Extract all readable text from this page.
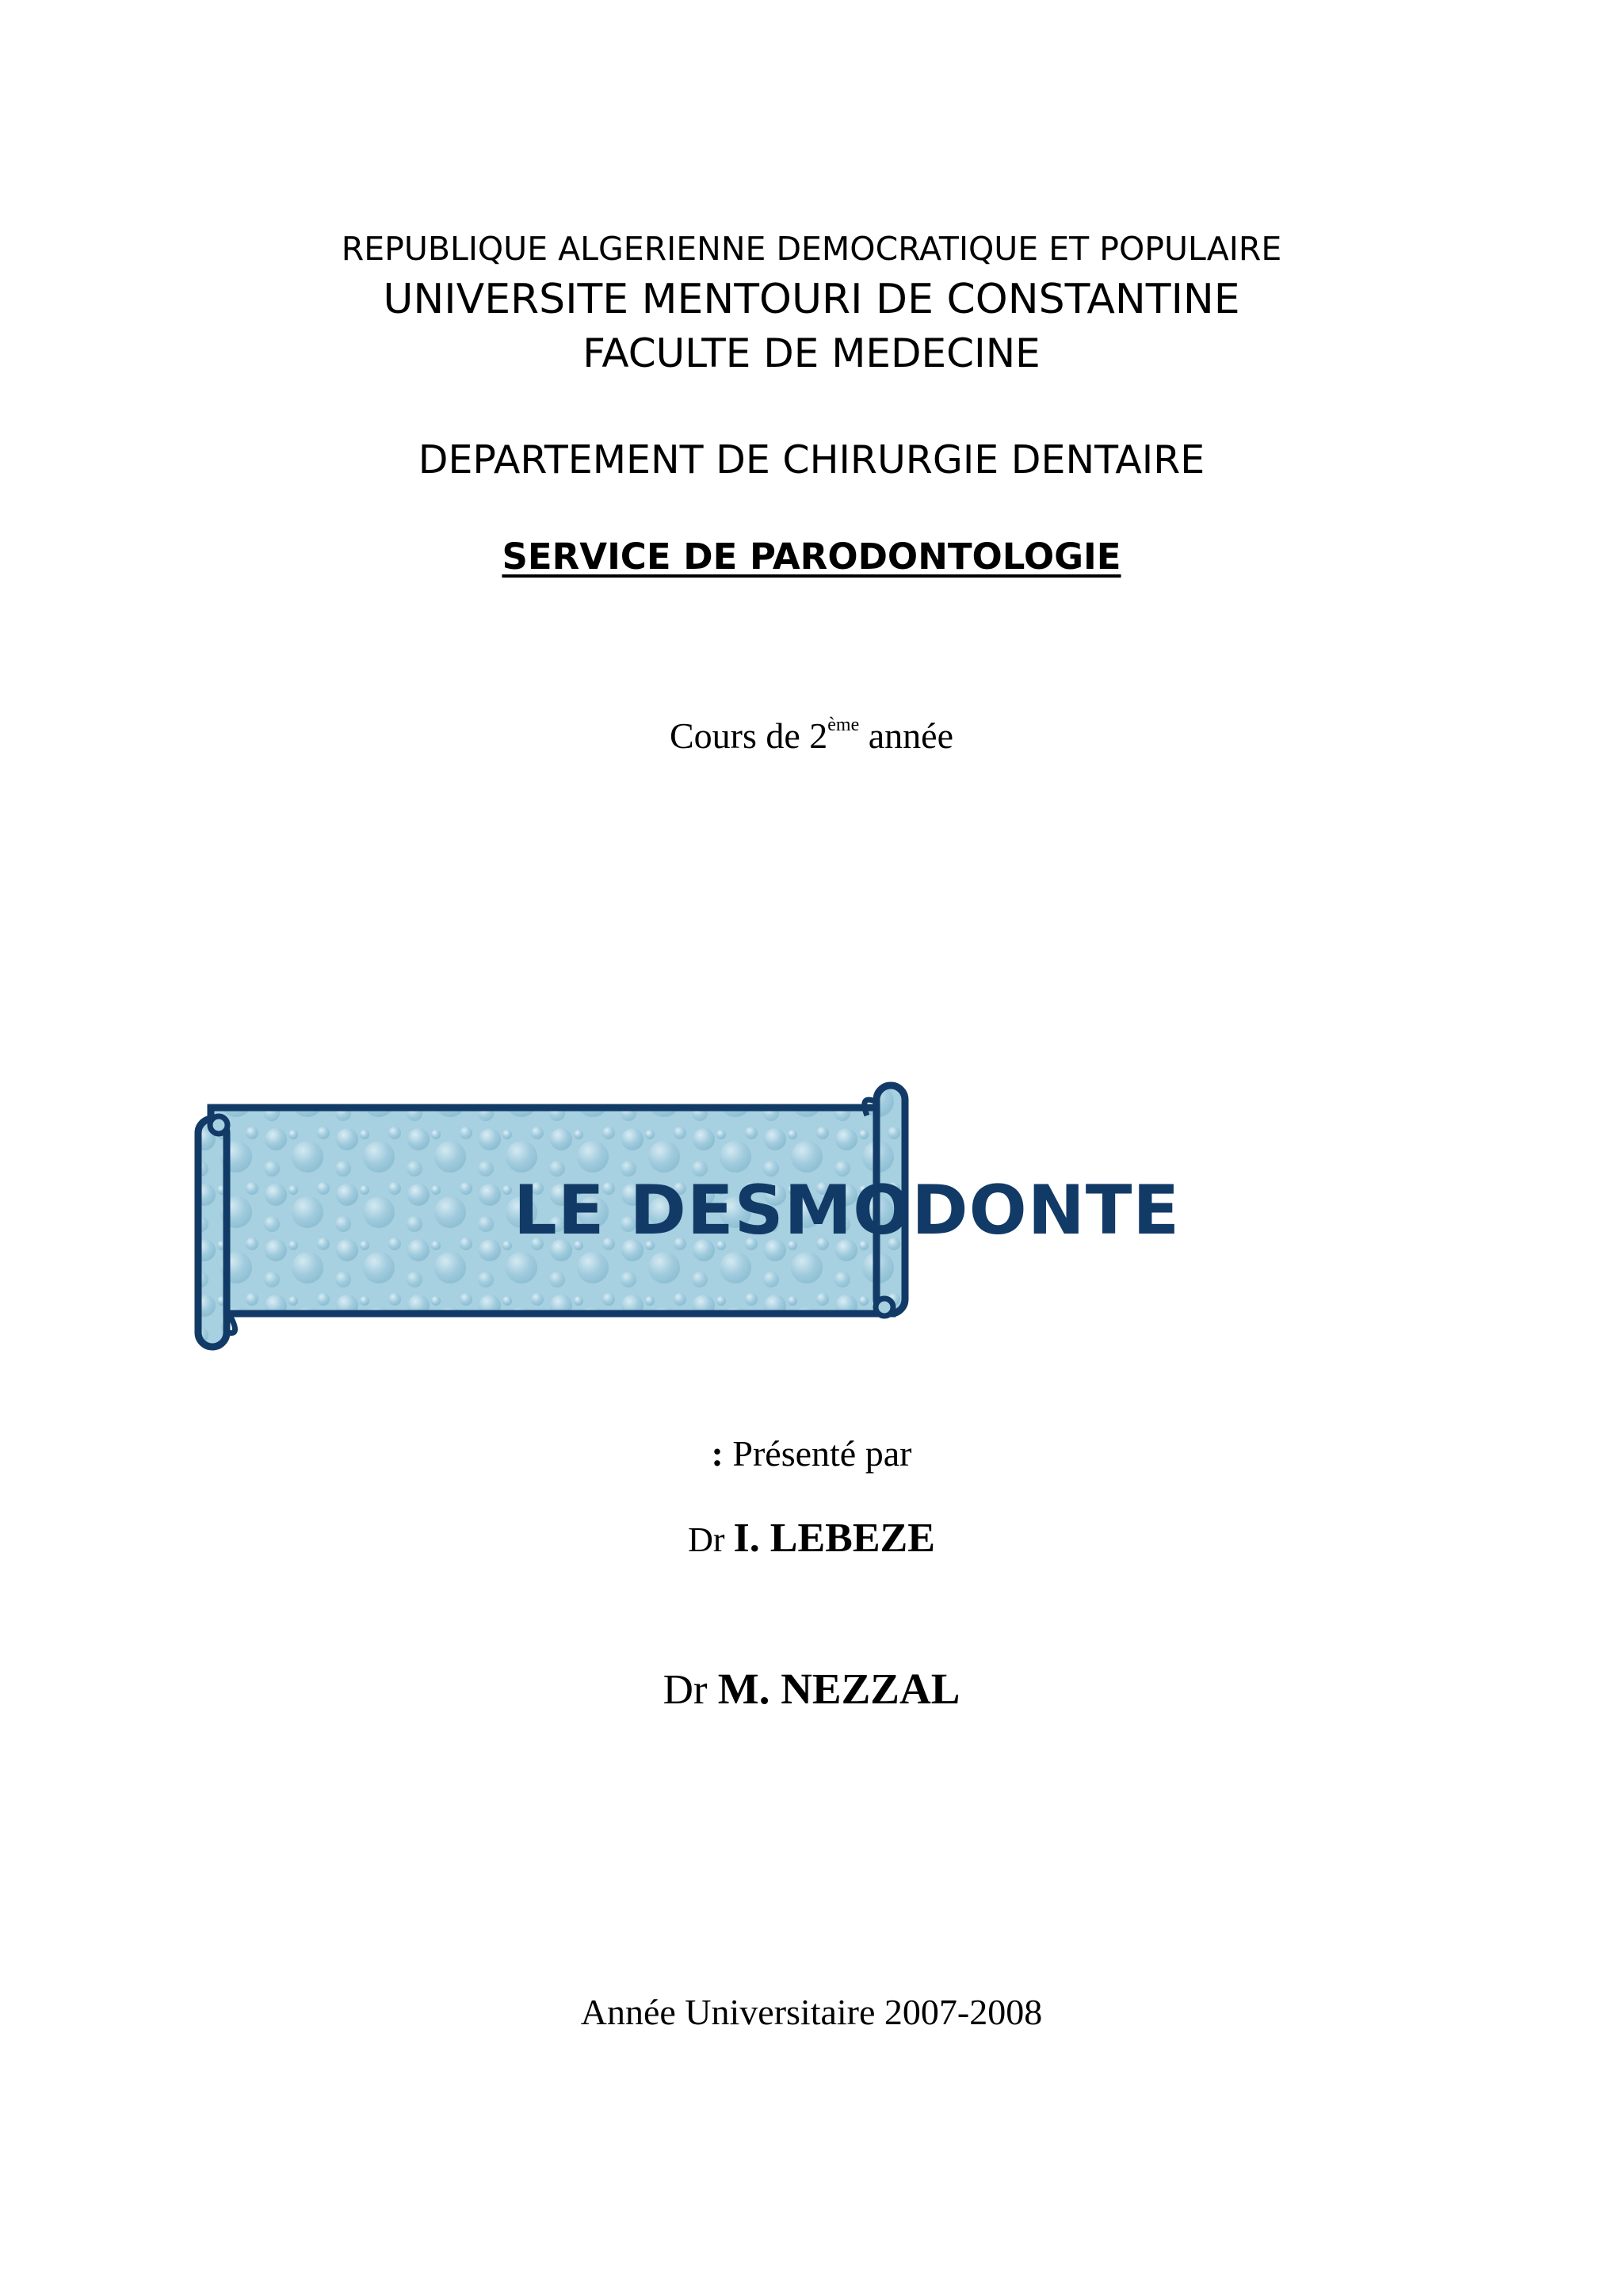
REPUBLIQUE ALGERIENNE DEMOCRATIQUE ET POPULAIRE
UNIVERSITE MENTOURI DE CONSTANTINE
FACULTE DE MEDECINE
DEPARTEMENT DE CHIRURGIE DENTAIRE
SERVICE DE PARODONTOLOGIE
Cours de 2ème année
LE DESMODONTE
: Présenté par
Dr I. LEBEZE
Dr M. NEZZAL
Année Universitaire 2007-2008
